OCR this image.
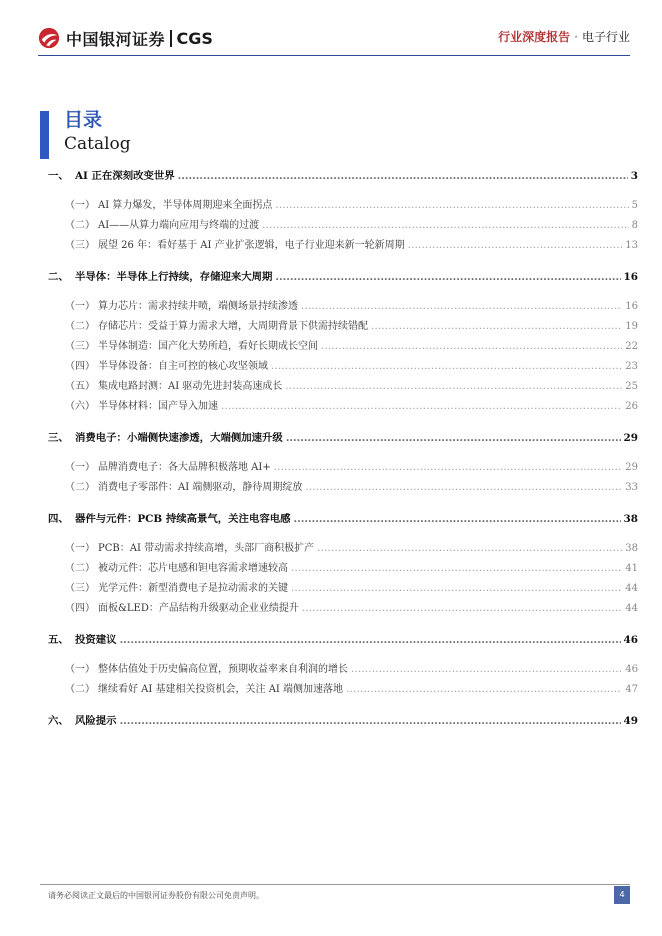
中国银河证券 CGS	行业深度报告 · 电子行业
目录
Catalog
一、 AI 正在深刻改变世界 .....	3
（一） AI 算力爆发，半导体周期迎来全面拐点 .....	5
（二） AI——从算力端向应用与终端的过渡 .....	8
（三） 展望 26 年：看好基于 AI 产业扩张逻辑，电子行业迎来新一轮新周期 .....	13
二、 半导体：半导体上行持续，存储迎来大周期 .....	16
（一） 算力芯片：需求持续井喷，端侧场景持续渗透 .....	16
（二） 存储芯片：受益于算力需求大增，大周期背景下供需持续错配 .....	19
（三） 半导体制造：国产化大势所趋，看好长期成长空间 .....	22
（四） 半导体设备：自主可控的核心攻坚领域 .....	23
（五） 集成电路封测：AI 驱动先进封装高速成长 .....	25
（六） 半导体材料：国产导入加速 .....	26
三、 消费电子：小端侧快速渗透，大端侧加速升级 .....	29
（一） 品牌消费电子：各大品牌积极落地 AI+ .....	29
（二） 消费电子零部件：AI 端侧驱动，静待周期绽放 .....	33
四、 器件与元件：PCB 持续高景气，关注电容电感 .....	38
（一） PCB：AI 带动需求持续高增，头部厂商积极扩产 .....	38
（二） 被动元件：芯片电感和钽电容需求增速较高 .....	41
（三） 光学元件：新型消费电子是拉动需求的关键 .....	44
（四） 面板&LED：产品结构升级驱动企业业绩提升 .....	44
五、 投资建议 .....	46
（一） 整体估值处于历史偏高位置，预期收益率来自利润的增长 .....	46
（二） 继续看好 AI 基建相关投资机会，关注 AI 端侧加速落地 .....	47
六、 风险提示 .....	49
请务必阅读正文最后的中国银河证券股份有限公司免责声明。	4
